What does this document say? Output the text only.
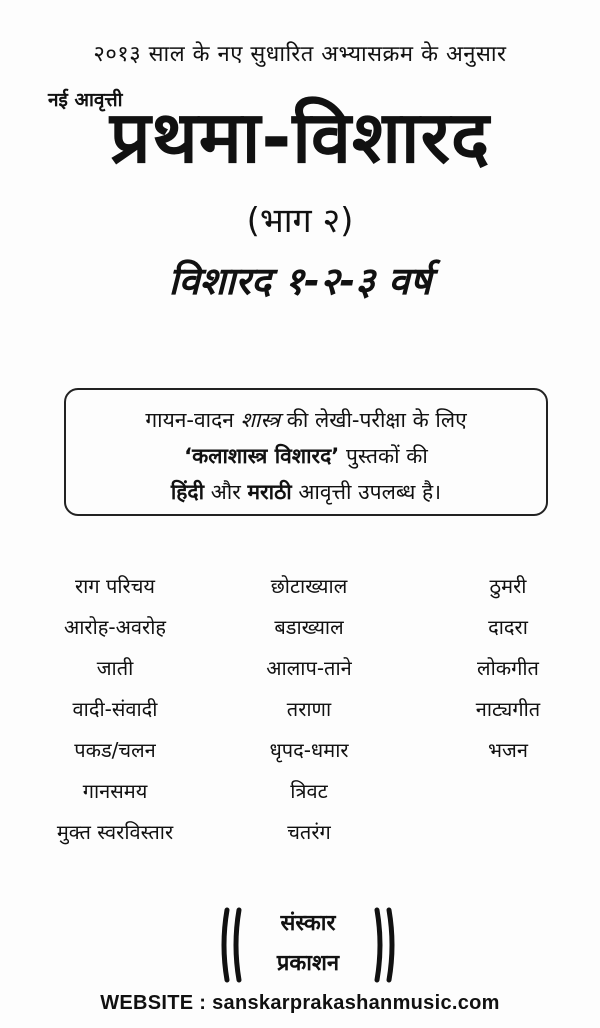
२०१३ साल के नए सुधारित अभ्यासक्रम के अनुसार
नई आवृत्ती
प्रथमा-विशारद
(भाग २)
विशारद १-२-३ वर्ष
गायन-वादन शास्त्र की लेखी-परीक्षा के लिए
‘कलाशास्त्र विशारद’ पुस्तकों की
हिंदी और मराठी आवृत्ती उपलब्ध है।
राग परिचय
आरोह-अवरोह
जाती
वादी-संवादी
पकड/चलन
गानसमय
मुक्त स्वरविस्तार
छोटाख्याल
बडाख्याल
आलाप-ताने
तराणा
धृपद-धमार
त्रिवट
चतरंग
ठुमरी
दादरा
लोकगीत
नाट्यगीत
भजन
संस्कार
प्रकाशन
WEBSITE : sanskarprakashanmusic.com
